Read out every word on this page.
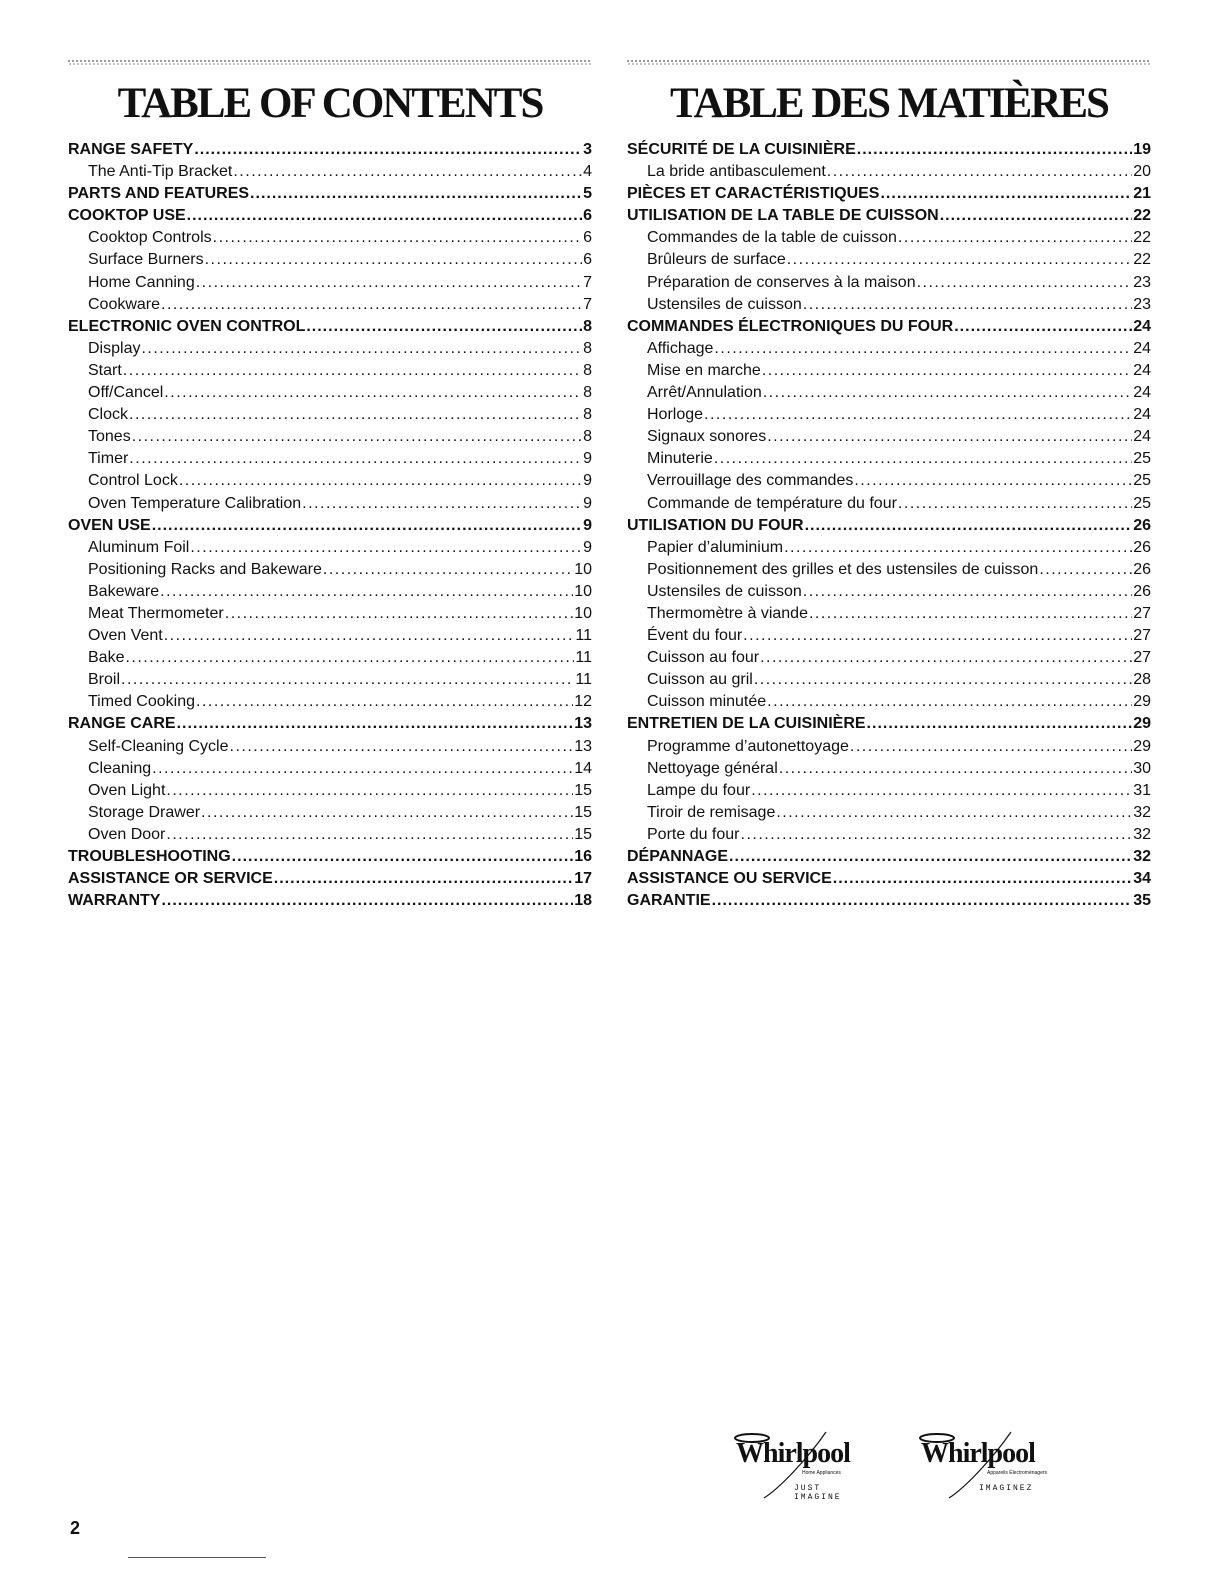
TABLE OF CONTENTS
RANGE SAFETY .....	3
The Anti-Tip Bracket .....	4
PARTS AND FEATURES .....	5
COOKTOP USE .....	6
Cooktop Controls .....	6
Surface Burners .....	6
Home Canning .....	7
Cookware .....	7
ELECTRONIC OVEN CONTROL .....	8
Display .....	8
Start .....	8
Off/Cancel .....	8
Clock .....	8
Tones .....	8
Timer .....	9
Control Lock .....	9
Oven Temperature Calibration .....	9
OVEN USE .....	9
Aluminum Foil .....	9
Positioning Racks and Bakeware .....	10
Bakeware .....	10
Meat Thermometer .....	10
Oven Vent .....	11
Bake .....	11
Broil .....	11
Timed Cooking .....	12
RANGE CARE .....	13
Self-Cleaning Cycle .....	13
Cleaning .....	14
Oven Light .....	15
Storage Drawer .....	15
Oven Door .....	15
TROUBLESHOOTING .....	16
ASSISTANCE OR SERVICE .....	17
WARRANTY .....	18
TABLE DES MATIÈRES
SÉCURITÉ DE LA CUISINIÈRE .....	19
La bride antibasculement .....	20
PIÈCES ET CARACTÉRISTIQUES .....	21
UTILISATION DE LA TABLE DE CUISSON .....	22
Commandes de la table de cuisson .....	22
Brûleurs de surface .....	22
Préparation de conserves à la maison .....	23
Ustensiles de cuisson .....	23
COMMANDES ÉLECTRONIQUES DU FOUR .....	24
Affichage .....	24
Mise en marche .....	24
Arrêt/Annulation .....	24
Horloge .....	24
Signaux sonores .....	24
Minuterie .....	25
Verrouillage des commandes .....	25
Commande de température du four .....	25
UTILISATION DU FOUR .....	26
Papier d’aluminium .....	26
Positionnement des grilles et des ustensiles de cuisson .....	26
Ustensiles de cuisson .....	26
Thermomètre à viande .....	27
Évent du four .....	27
Cuisson au four .....	27
Cuisson au gril .....	28
Cuisson minutée .....	29
ENTRETIEN DE LA CUISINIÈRE .....	29
Programme d’autonettoyage .....	29
Nettoyage général .....	30
Lampe du four .....	31
Tiroir de remisage .....	32
Porte du four .....	32
DÉPANNAGE .....	32
ASSISTANCE OU SERVICE .....	34
GARANTIE .....	35
Whirlpool
Home Appliances
JUST IMAGINE
Whirlpool
Appareils Électroménagers
IMAGINEZ
2
